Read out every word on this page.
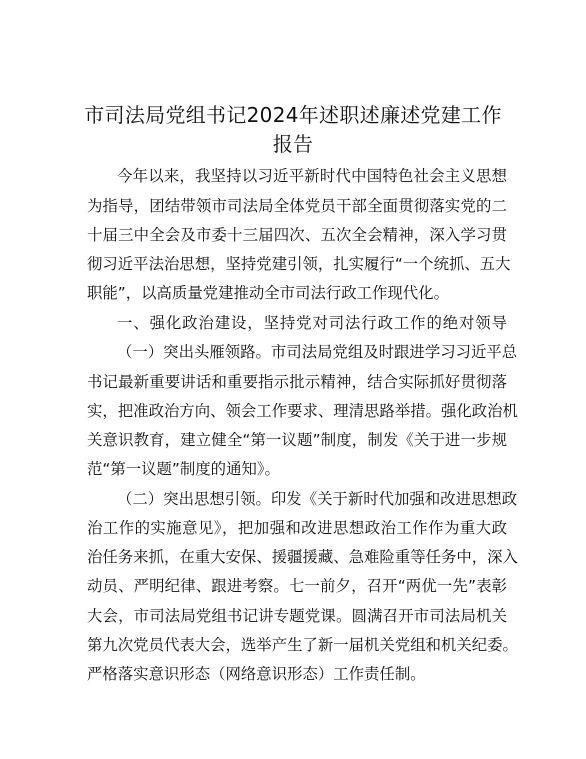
市司法局党组书记2024年述职述廉述党建工作
报告

今年以来，我坚持以习近平新时代中国特色社会主义思想

为指导，团结带领市司法局全体党员干部全面贯彻落实党的二

十届三中全会及市委十三届四次、五次全会精神，深入学习贯

彻习近平法治思想，坚持党建引领，扎实履行“一个统抓、五大

职能”，以高质量党建推动全市司法行政工作现代化。

一、强化政治建设，坚持党对司法行政工作的绝对领导

（一）突出头雁领路。市司法局党组及时跟进学习习近平总

书记最新重要讲话和重要指示批示精神，结合实际抓好贯彻落

实，把准政治方向、领会工作要求、理清思路举措。强化政治机

关意识教育，建立健全“第一议题”制度，制发《关于进一步规

范“第一议题”制度的通知》。

（二）突出思想引领。印发《关于新时代加强和改进思想政

治工作的实施意见》，把加强和改进思想政治工作作为重大政

治任务来抓，在重大安保、援疆援藏、急难险重等任务中，深入

动员、严明纪律、跟进考察。七一前夕，召开“两优一先”表彰

大会，市司法局党组书记讲专题党课。圆满召开市司法局机关

第九次党员代表大会，选举产生了新一届机关党组和机关纪委。

严格落实意识形态（网络意识形态）工作责任制。
